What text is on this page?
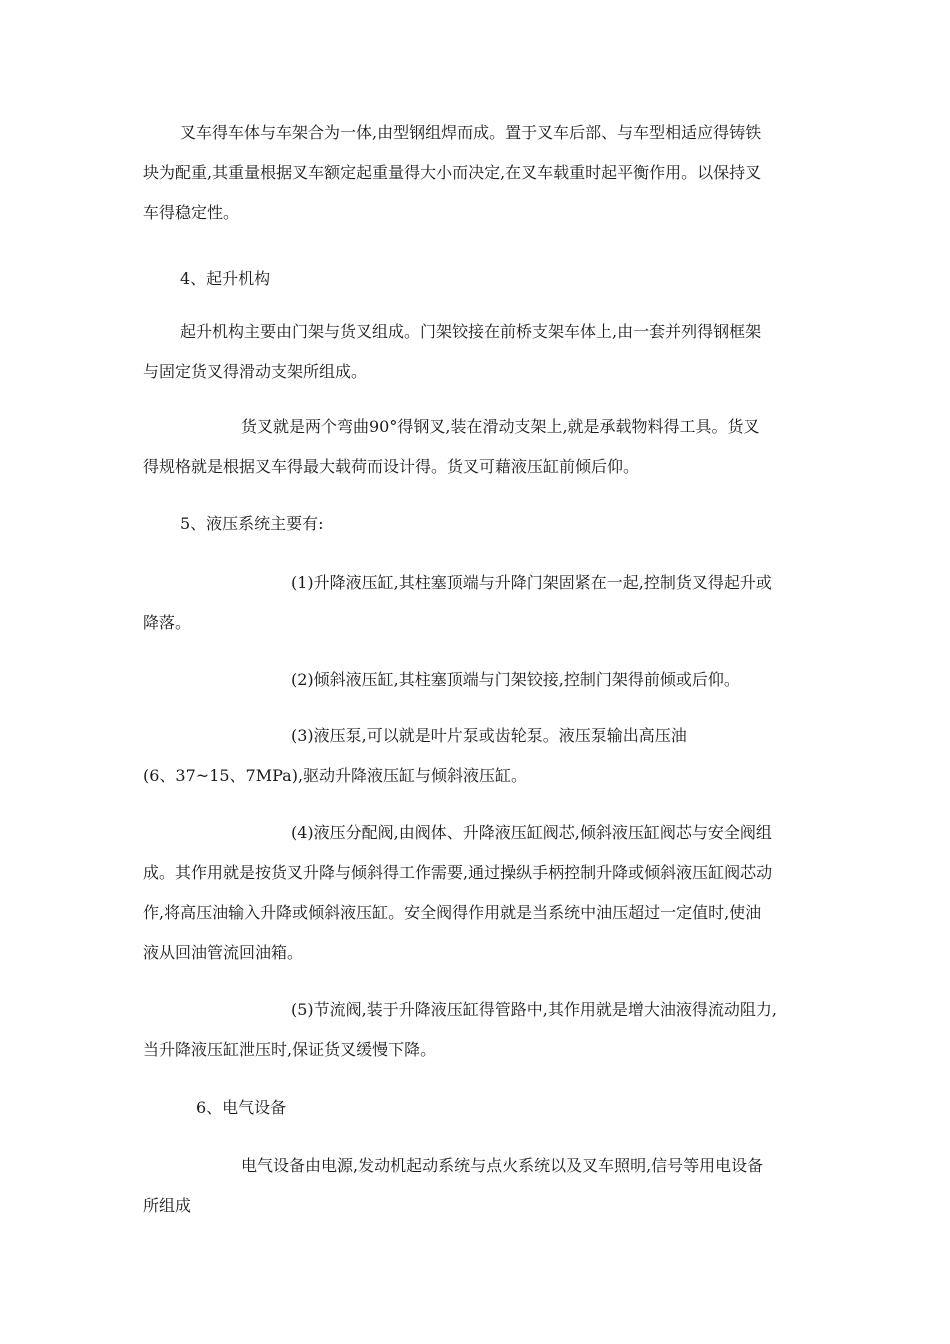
叉车得车体与车架合为一体,由型钢组焊而成。置于叉车后部、与车型相适应得铸铁
块为配重,其重量根据叉车额定起重量得大小而决定,在叉车载重时起平衡作用。以保持叉
车得稳定性。
4、起升机构
起升机构主要由门架与货叉组成。门架铰接在前桥支架车体上,由一套并列得钢框架
与固定货叉得滑动支架所组成。
货叉就是两个弯曲90°得钢叉,装在滑动支架上,就是承载物料得工具。货叉
得规格就是根据叉车得最大载荷而设计得。货叉可藉液压缸前倾后仰。
5、液压系统主要有:
(1)升降液压缸,其柱塞顶端与升降门架固紧在一起,控制货叉得起升或
降落。
(2)倾斜液压缸,其柱塞顶端与门架铰接,控制门架得前倾或后仰。
(3)液压泵,可以就是叶片泵或齿轮泵。液压泵输出高压油
(6、37~15、7MPa),驱动升降液压缸与倾斜液压缸。
(4)液压分配阀,由阀体、升降液压缸阀芯,倾斜液压缸阀芯与安全阀组
成。其作用就是按货叉升降与倾斜得工作需要,通过操纵手柄控制升降或倾斜液压缸阀芯动
作,将高压油输入升降或倾斜液压缸。安全阀得作用就是当系统中油压超过一定值时,使油
液从回油管流回油箱。
(5)节流阀,装于升降液压缸得管路中,其作用就是增大油液得流动阻力,
当升降液压缸泄压时,保证货叉缓慢下降。
6、电气设备
电气设备由电源,发动机起动系统与点火系统以及叉车照明,信号等用电设备
所组成
